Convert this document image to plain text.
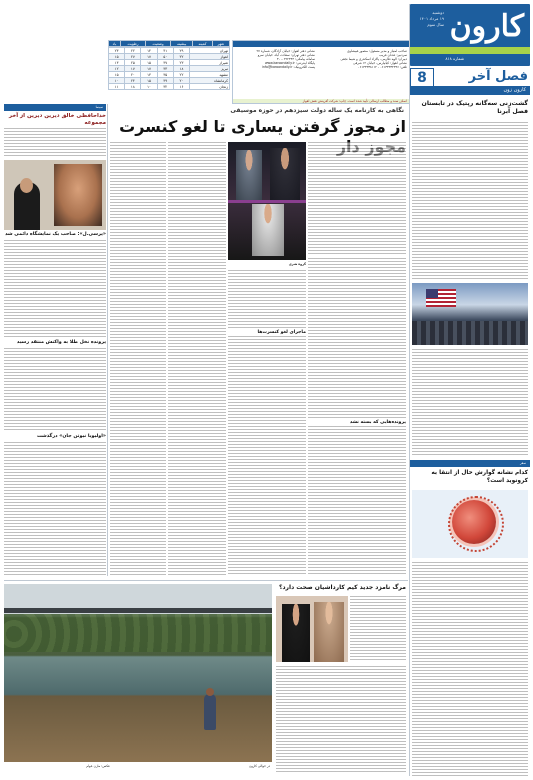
کارون
دوشنبه
۱۹ مرداد ۱۴۰۱
سال سوم
شماره ۸۱۸
8	فصل آخر
کارون زون
گشت‌زنی سه‌گانه رپتیک در تابستان فصل آبرنا
سفر
کدام نشانه گوارش حال از انتقا به کرونوید است؟
صاحب امتیاز و مدیر مسئول: منصور غبیشاوی
سردبیر: عدنان غریب
دبیران: الهه طارمی، پاکزاد اسکندری و شیما نجفی
نشانی اهواز: کیانپارس، خیابان ۱۲ شرقی
تلفن: ۰۶۱۳۳۳۳۴۳۴۶ - ۰۶۱۳۳۳۳۸۱۱۲
نشانی دفتر اهواز: خیابان آزادگان، شماره ۲۷
نشانی دفتر تهران: سعادت آباد، خیابان سرو
سامانه پیامکی: ۳۰۰۰۲۲۲۳۴۴
پایگاه اینترنتی: www.karoondaily.ir
پست الکترونیک: info@karoondaily.ir
اسکن سند و مطالب ارسالی تأیید شده است. چاپ: شرکت آفرینش نقش اهواز
باد	رطوبت	وضعیت	بیشینه	کمینه	شهر
۲۳	۲۲	۱۴	۴۱	۲۹	تهران
۱۵	۲۷	۱۷	۵۰	۳۲	اهواز
۱۳	۲۵	۱۵	۳۷	۲۳	شیراز
۱۲	۱۷	۱۷	۳۳	۱۸	تبریز
۱۵	۲۰	۱۳	۳۵	۲۲	مشهد
۱۰	۲۴	۱۵	۳۹	۲۰	کرمانشاه
۱۱	۱۸	۱۰	۳۲	۱۶	زنجان
سینما
خداحافظی خالق دیرین دیرین از آخر مجموعه
«پرسی.ل»: صاحب یک نمایشگاه دائمی شد
پرونده نخل طلا به واکنش منتقد رسید
«اولیویا نیوتن جان» درگذشت
نگاهی به کارنامه یک ساله دولت سیزدهم در حوزه موسیقی
از مجوز گرفتن یساری تا لغو کنسرت
گروه هنری
ماجرای لغو کنسرت‌ها
پرونده‌هایی که بسته نشد
عکس: مازن عوام	در حوالی کارون
مرگ نامزد جدید کیم کارداشیان صحت دارد؟
